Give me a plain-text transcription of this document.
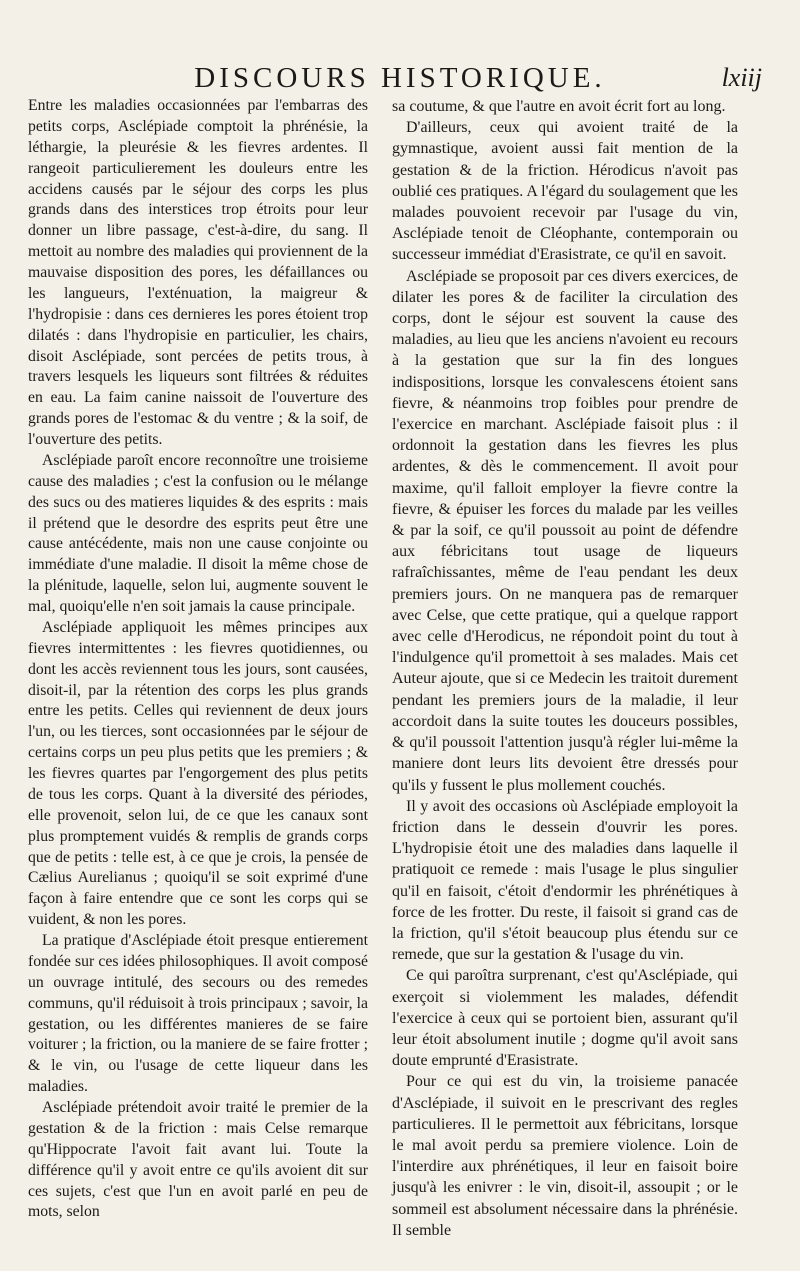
DISCOURS HISTORIQUE.	lxiij

Entre les maladies occasionnées par l'embarras des petits corps, Asclépiade comptoit la phrénésie, la léthargie, la pleurésie & les fievres ardentes. Il rangeoit particulierement les douleurs entre les accidens causés par le séjour des corps les plus grands dans des interstices trop étroits pour leur donner un libre passage, c'est-à-dire, du sang. Il mettoit au nombre des maladies qui proviennent de la mauvaise disposition des pores, les défaillances ou les langueurs, l'exténuation, la maigreur & l'hydropisie : dans ces dernieres les pores étoient trop dilatés : dans l'hydropisie en particulier, les chairs, disoit Asclépiade, sont percées de petits trous, à travers lesquels les liqueurs sont filtrées & réduites en eau. La faim canine naissoit de l'ouverture des grands pores de l'estomac & du ventre ; & la soif, de l'ouverture des petits.

Asclépiade paroît encore reconnoître une troisieme cause des maladies ; c'est la confusion ou le mélange des sucs ou des matieres liquides & des esprits : mais il prétend que le desordre des esprits peut être une cause antécédente, mais non une cause conjointe ou immédiate d'une maladie. Il disoit la même chose de la plénitude, laquelle, selon lui, augmente souvent le mal, quoiqu'elle n'en soit jamais la cause principale.

Asclépiade appliquoit les mêmes principes aux fievres intermittentes : les fievres quotidiennes, ou dont les accès reviennent tous les jours, sont causées, disoit-il, par la rétention des corps les plus grands entre les petits. Celles qui reviennent de deux jours l'un, ou les tierces, sont occasionnées par le séjour de certains corps un peu plus petits que les premiers ; & les fievres quartes par l'engorgement des plus petits de tous les corps. Quant à la diversité des périodes, elle provenoit, selon lui, de ce que les canaux sont plus promptement vuidés & remplis de grands corps que de petits : telle est, à ce que je crois, la pensée de Cælius Aurelianus ; quoiqu'il se soit exprimé d'une façon à faire entendre que ce sont les corps qui se vuident, & non les pores.

La pratique d'Asclépiade étoit presque entierement fondée sur ces idées philosophiques. Il avoit composé un ouvrage intitulé, des secours ou des remedes communs, qu'il réduisoit à trois principaux ; savoir, la gestation, ou les différentes manieres de se faire voiturer ; la friction, ou la maniere de se faire frotter ; & le vin, ou l'usage de cette liqueur dans les maladies.

Asclépiade prétendoit avoir traité le premier de la gestation & de la friction : mais Celse remarque qu'Hippocrate l'avoit fait avant lui. Toute la différence qu'il y avoit entre ce qu'ils avoient dit sur ces sujets, c'est que l'un en avoit parlé en peu de mots, selon

sa coutume, & que l'autre en avoit écrit fort au long.

D'ailleurs, ceux qui avoient traité de la gymnastique, avoient aussi fait mention de la gestation & de la friction. Hérodicus n'avoit pas oublié ces pratiques. A l'égard du soulagement que les malades pouvoient recevoir par l'usage du vin, Asclépiade tenoit de Cléophante, contemporain ou successeur immédiat d'Erasistrate, ce qu'il en savoit.

Asclépiade se proposoit par ces divers exercices, de dilater les pores & de faciliter la circulation des corps, dont le séjour est souvent la cause des maladies, au lieu que les anciens n'avoient eu recours à la gestation que sur la fin des longues indispositions, lorsque les convalescens étoient sans fievre, & néanmoins trop foibles pour prendre de l'exercice en marchant. Asclépiade faisoit plus : il ordonnoit la gestation dans les fievres les plus ardentes, & dès le commencement. Il avoit pour maxime, qu'il falloit employer la fievre contre la fievre, & épuiser les forces du malade par les veilles & par la soif, ce qu'il poussoit au point de défendre aux fébricitans tout usage de liqueurs rafraîchissantes, même de l'eau pendant les deux premiers jours. On ne manquera pas de remarquer avec Celse, que cette pratique, qui a quelque rapport avec celle d'Herodicus, ne répondoit point du tout à l'indulgence qu'il promettoit à ses malades. Mais cet Auteur ajoute, que si ce Medecin les traitoit durement pendant les premiers jours de la maladie, il leur accordoit dans la suite toutes les douceurs possibles, & qu'il poussoit l'attention jusqu'à régler lui-même la maniere dont leurs lits devoient être dressés pour qu'ils y fussent le plus mollement couchés.

Il y avoit des occasions où Asclépiade employoit la friction dans le dessein d'ouvrir les pores. L'hydropisie étoit une des maladies dans laquelle il pratiquoit ce remede : mais l'usage le plus singulier qu'il en faisoit, c'étoit d'endormir les phrénétiques à force de les frotter. Du reste, il faisoit si grand cas de la friction, qu'il s'étoit beaucoup plus étendu sur ce remede, que sur la gestation & l'usage du vin.

Ce qui paroîtra surprenant, c'est qu'Asclépiade, qui exerçoit si violemment les malades, défendit l'exercice à ceux qui se portoient bien, assurant qu'il leur étoit absolument inutile ; dogme qu'il avoit sans doute emprunté d'Erasistrate.

Pour ce qui est du vin, la troisieme panacée d'Asclépiade, il suivoit en le prescrivant des regles particulieres. Il le permettoit aux fébricitans, lorsque le mal avoit perdu sa premiere violence. Loin de l'interdire aux phrénétiques, il leur en faisoit boire jusqu'à les enivrer : le vin, disoit-il, assoupit ; or le sommeil est absolument nécessaire dans la phrénésie. Il semble
